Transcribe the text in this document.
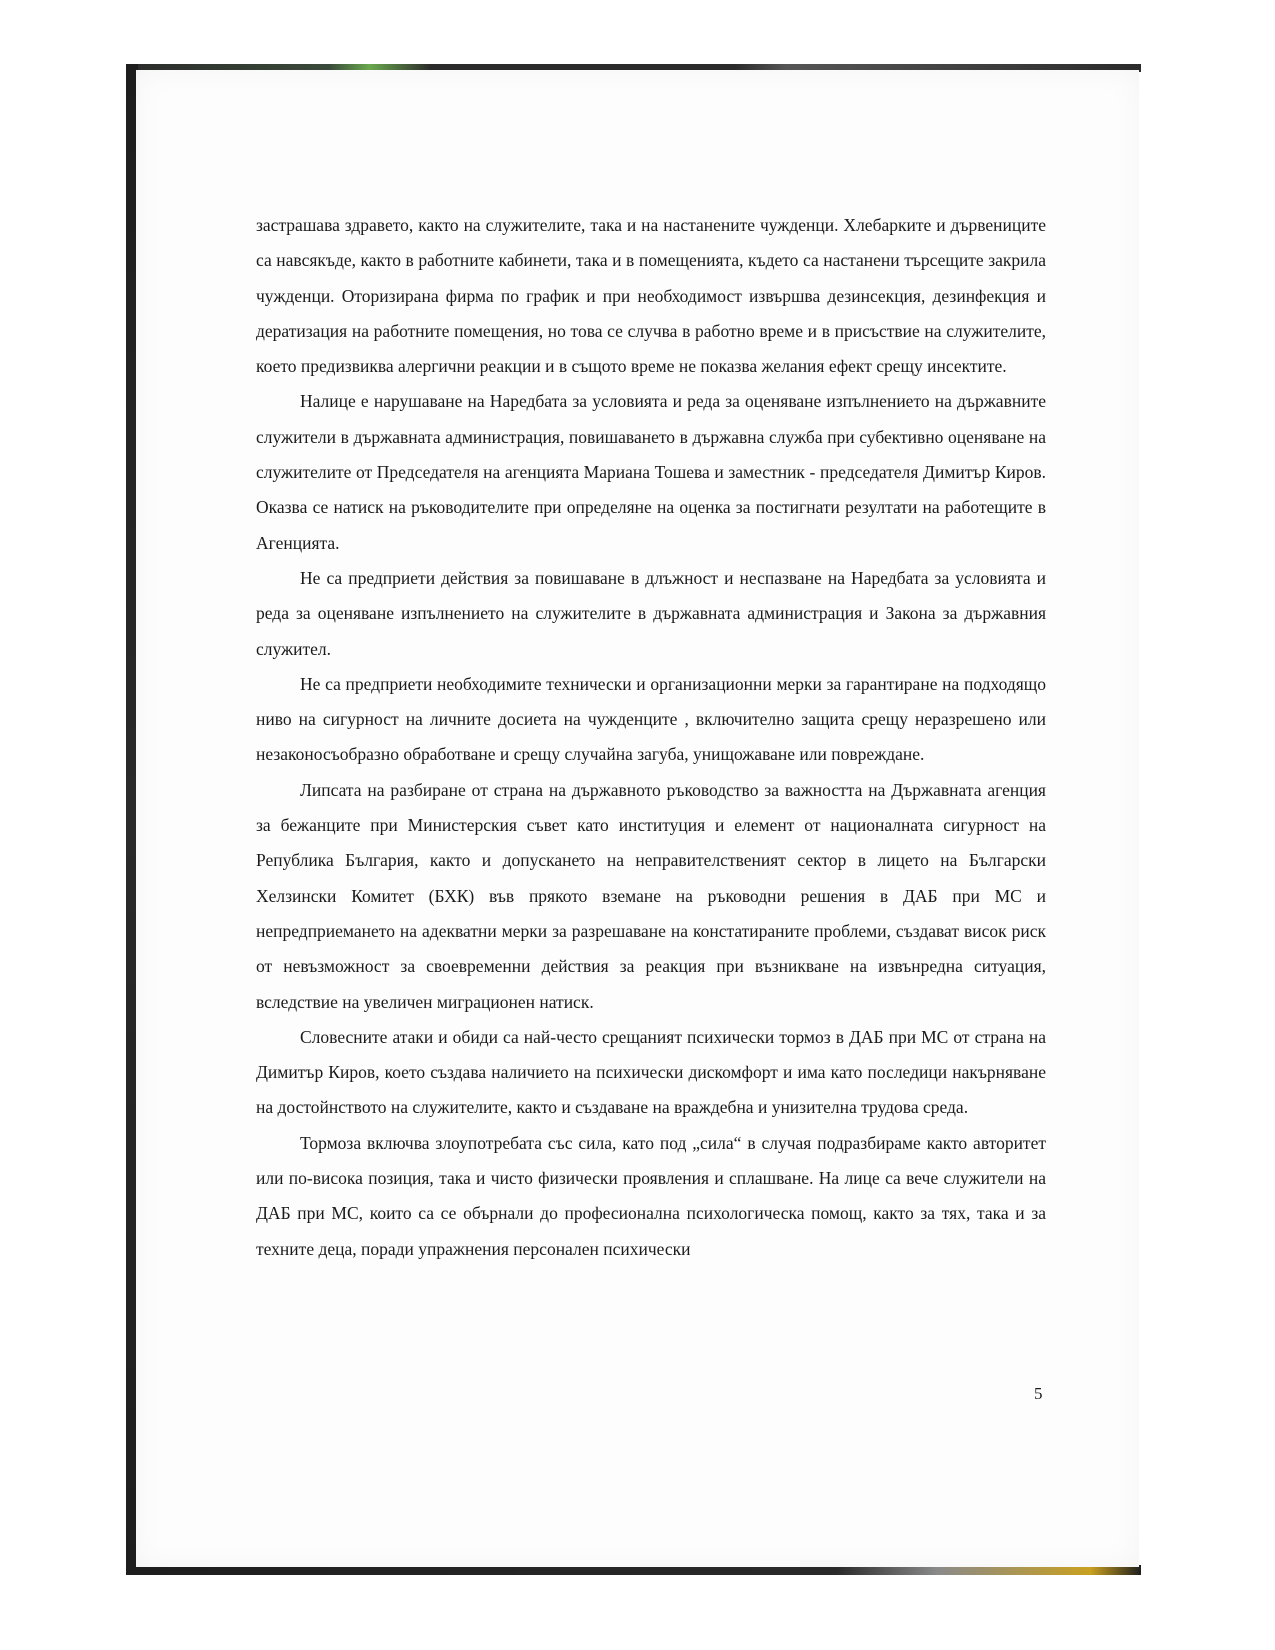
застрашава здравето, както на служителите, така и на настанените чужденци. Хлебарките и дървениците са навсякъде, както в работните кабинети, така и в помещенията, където са настанени търсещите закрила чужденци. Оторизирана фирма по график и при необходимост извършва дезинсекция, дезинфекция и дератизация на работните помещения, но това се случва в работно време и в присъствие на служителите, което предизвиква алергични реакции и в същото време не показва желания ефект срещу инсектите.

Налице е нарушаване на Наредбата за условията и реда за оценяване изпълнението на държавните служители в държавната администрация, повишаването в държавна служба при субективно оценяване на служителите от Председателя на агенцията Мариана Тошева и заместник - председателя Димитър Киров. Оказва се натиск на ръководителите при определяне на оценка за постигнати резултати на работещите в Агенцията.

Не са предприети действия за повишаване в длъжност и неспазване на Наредбата за условията и реда за оценяване изпълнението на служителите в държавната администрация и Закона за държавния служител.

Не са предприети необходимите технически и организационни мерки за гарантиране на подходящо ниво на сигурност на личните досиета на чужденците , включително защита срещу неразрешено или незаконосъобразно обработване и срещу случайна загуба, унищожаване или повреждане.

Липсата на разбиране от страна на държавното ръководство за важността на Държавната агенция за бежанците при Министерския съвет като институция и елемент от националната сигурност на Република България, както и допускането на неправителственият сектор в лицето на Български Хелзински Комитет (БХК) във прякото вземане на ръководни решения в ДАБ при МС и непредприемането на адекватни мерки за разрешаване на констатираните проблеми, създават висок риск от невъзможност за своевременни действия за реакция при възникване на извънредна ситуация, вследствие на увеличен миграционен натиск.

Словесните атаки и обиди са най-често срещаният психически тормоз в ДАБ при МС от страна на Димитър Киров, което създава наличието на психически дискомфорт и има като последици накърняване на достойнството на служителите, както и създаване на враждебна и унизителна трудова среда.

Тормоза включва злоупотребата със сила, като под „сила“ в случая подразбираме както авторитет или по-висока позиция, така и чисто физически проявления и сплашване. На лице са вече служители на ДАБ при МС, които са се обърнали до професионална психологическа помощ, както за тях, така и за техните деца, поради упражнения персонален психически

5
